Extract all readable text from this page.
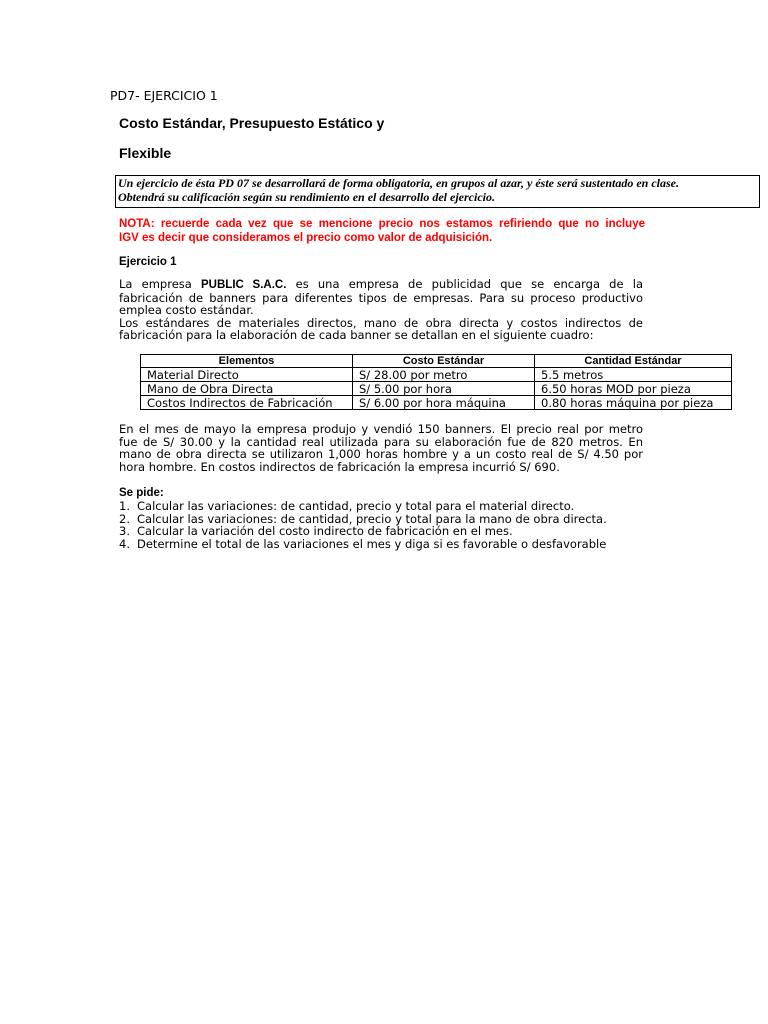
PD7- EJERCICIO 1
Costo Estándar, Presupuesto Estático y
Flexible
Un ejercicio de ésta PD 07 se desarrollará de forma obligatoria, en grupos al azar, y éste será sustentado en clase.
Obtendrá su calificación según su rendimiento en el desarrollo del ejercicio.
NOTA: recuerde cada vez que se mencione precio nos estamos refiriendo que no incluye
IGV es decir que consideramos el precio como valor de adquisición.
Ejercicio 1
La empresa PUBLIC S.A.C. es una empresa de publicidad que se encarga de la
fabricación de banners para diferentes tipos de empresas. Para su proceso productivo
emplea costo estándar.
Los estándares de materiales directos, mano de obra directa y costos indirectos de
fabricación para la elaboración de cada banner se detallan en el siguiente cuadro:
Elementos	Costo Estándar	Cantidad Estándar
Material Directo	S/ 28.00 por metro	5.5 metros
Mano de Obra Directa	S/ 5.00 por hora	6.50 horas MOD por pieza
Costos Indirectos de Fabricación	S/ 6.00 por hora máquina	0.80 horas máquina por pieza
En el mes de mayo la empresa produjo y vendió 150 banners. El precio real por metro
fue de S/ 30.00 y la cantidad real utilizada para su elaboración fue de 820 metros. En
mano de obra directa se utilizaron 1,000 horas hombre y a un costo real de S/ 4.50 por
hora hombre. En costos indirectos de fabricación la empresa incurrió S/ 690.
Se pide:
1. Calcular las variaciones: de cantidad, precio y total para el material directo.
2. Calcular las variaciones: de cantidad, precio y total para la mano de obra directa.
3. Calcular la variación del costo indirecto de fabricación en el mes.
4. Determine el total de las variaciones el mes y diga si es favorable o desfavorable
